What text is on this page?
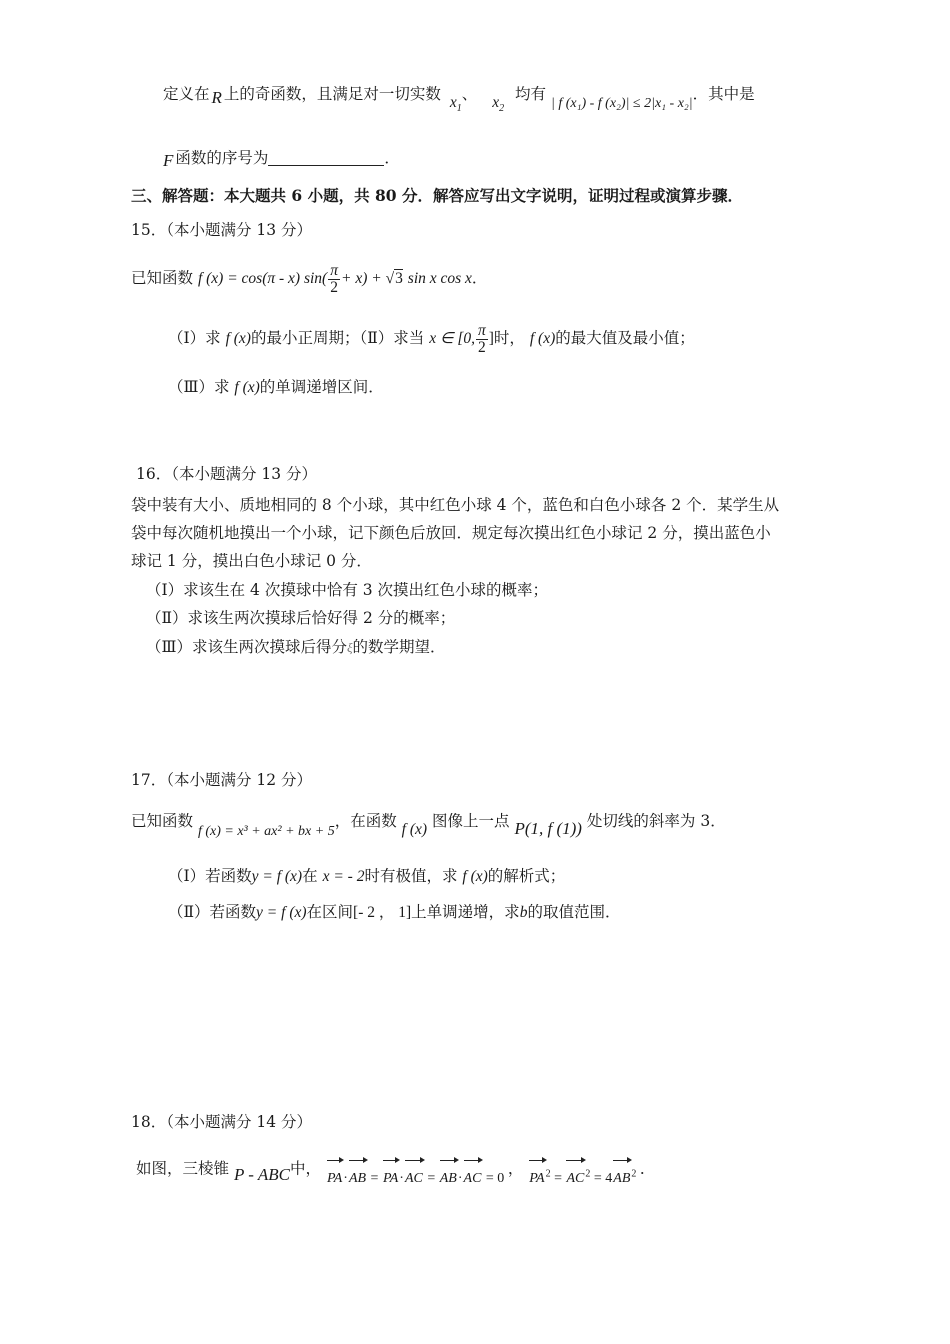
定义在 R 上的奇函数，且满足对一切实数 $x_1$、 $x_2$ 均有 | f (x₁) - f (x₂)| ≤ 2|x₁ - x₂|．其中是
F 函数的序号为	．
三、解答题：本大题共 6 小题，共 80 分．解答应写出文字说明，证明过程或演算步骤．
15．（本小题满分 13 分）
已知函数 f (x) = cos(π - x) $\sin( \frac{\pi}{2} + x) + √3$ sin x cos x．
（Ⅰ）求 f (x)的最小正周期；（Ⅱ）求当 x ∈ [0, $\frac{\pi}{2}$ ]时， f (x)的最大值及最小值；
（Ⅲ）求 f (x)的单调递增区间．
16．（本小题满分 13 分）
袋中装有大小、质地相同的 8 个小球，其中红色小球 4 个，蓝色和白色小球各 2 个．某学生从
袋中每次随机地摸出一个小球，记下颜色后放回．规定每次摸出红色小球记 2 分，摸出蓝色小
球记 1 分，摸出白色小球记 0 分．
（Ⅰ）求该生在 4 次摸球中恰有 3 次摸出红色小球的概率；
（Ⅱ）求该生两次摸球后恰好得 2 分的概率；
（Ⅲ）求该生两次摸球后得分ξ的数学期望．
17．（本小题满分 12 分）
已知函数 f (x) = x³ + ax² + bx + 5，在函数 f (x) 图像上一点 P(1, f (1)) 处切线的斜率为 3．
（Ⅰ）若函数y = f (x)在 x = - 2时有极值，求 f (x)的解析式；
（Ⅱ）若函数y = f (x)在区间[- 2 ， 1]上单调递增，求b的取值范围．
18．（本小题满分 14 分）
如图，三棱锥 P - ABC中， PA·AB = PA·AC = AB·AC = 0 ， $PA^2 = AC^2 = 4AB^2$ ．
